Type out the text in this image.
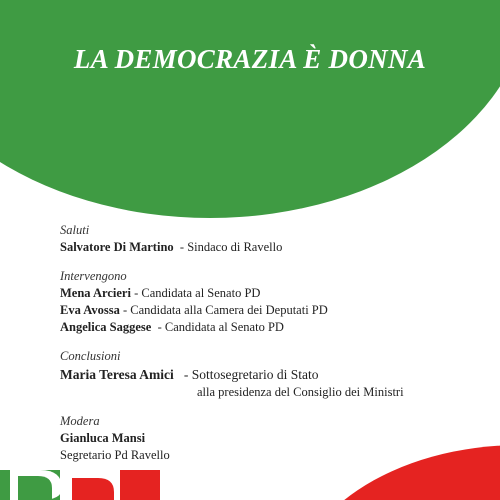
LA DEMOCRAZIA È DONNA
Saluti
Salvatore Di Martino - Sindaco di Ravello
Intervengono
Mena Arcieri - Candidata al Senato PD
Eva Avossa - Candidata alla Camera dei Deputati PD
Angelica Saggese - Candidata al Senato PD
Conclusioni
Maria Teresa Amici - Sottosegretario di Stato
alla presidenza del Consiglio dei Ministri
Modera
Gianluca Mansi
Segretario Pd Ravello
